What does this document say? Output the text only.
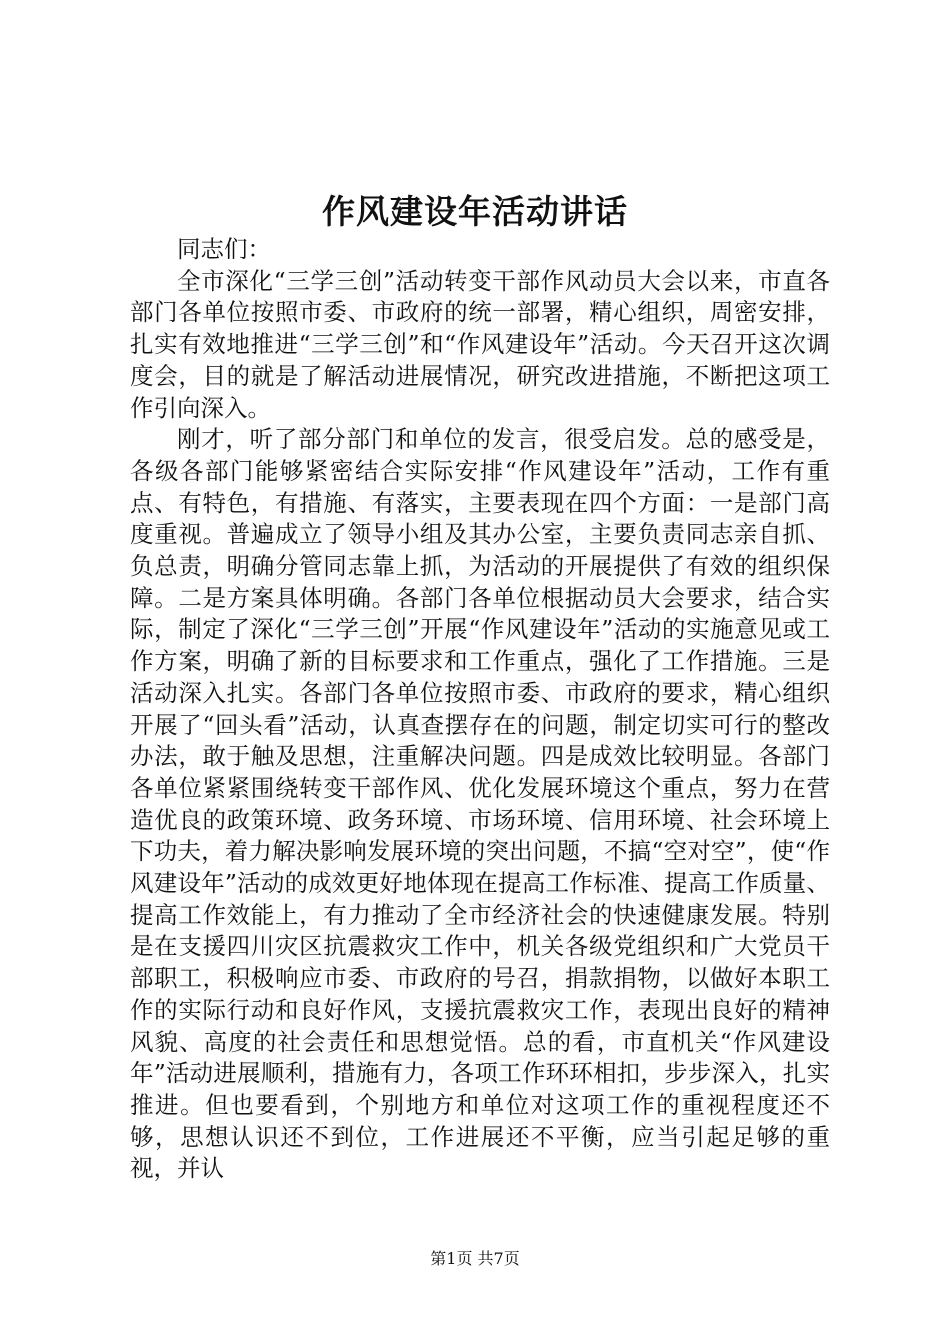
作风建设年活动讲话

同志们：

全市深化“三学三创”活动转变干部作风动员大会以来，市直各部门各单位按照市委、市政府的统一部署，精心组织，周密安排，扎实有效地推进“三学三创”和“作风建设年”活动。今天召开这次调度会，目的就是了解活动进展情况，研究改进措施，不断把这项工作引向深入。

刚才，听了部分部门和单位的发言，很受启发。总的感受是，各级各部门能够紧密结合实际安排“作风建设年”活动，工作有重点、有特色，有措施、有落实，主要表现在四个方面：一是部门高度重视。普遍成立了领导小组及其办公室，主要负责同志亲自抓、负总责，明确分管同志靠上抓，为活动的开展提供了有效的组织保障。二是方案具体明确。各部门各单位根据动员大会要求，结合实际，制定了深化“三学三创”开展“作风建设年”活动的实施意见或工作方案，明确了新的目标要求和工作重点，强化了工作措施。三是活动深入扎实。各部门各单位按照市委、市政府的要求，精心组织开展了“回头看”活动，认真查摆存在的问题，制定切实可行的整改办法，敢于触及思想，注重解决问题。四是成效比较明显。各部门各单位紧紧围绕转变干部作风、优化发展环境这个重点，努力在营造优良的政策环境、政务环境、市场环境、信用环境、社会环境上下功夫，着力解决影响发展环境的突出问题，不搞“空对空”，使“作风建设年”活动的成效更好地体现在提高工作标准、提高工作质量、提高工作效能上，有力推动了全市经济社会的快速健康发展。特别是在支援四川灾区抗震救灾工作中，机关各级党组织和广大党员干部职工，积极响应市委、市政府的号召，捐款捐物，以做好本职工作的实际行动和良好作风，支援抗震救灾工作，表现出良好的精神风貌、高度的社会责任和思想觉悟。总的看，市直机关“作风建设年”活动进展顺利，措施有力，各项工作环环相扣，步步深入，扎实推进。但也要看到，个别地方和单位对这项工作的重视程度还不够，思想认识还不到位，工作进展还不平衡，应当引起足够的重视，并认

第1页 共7页
